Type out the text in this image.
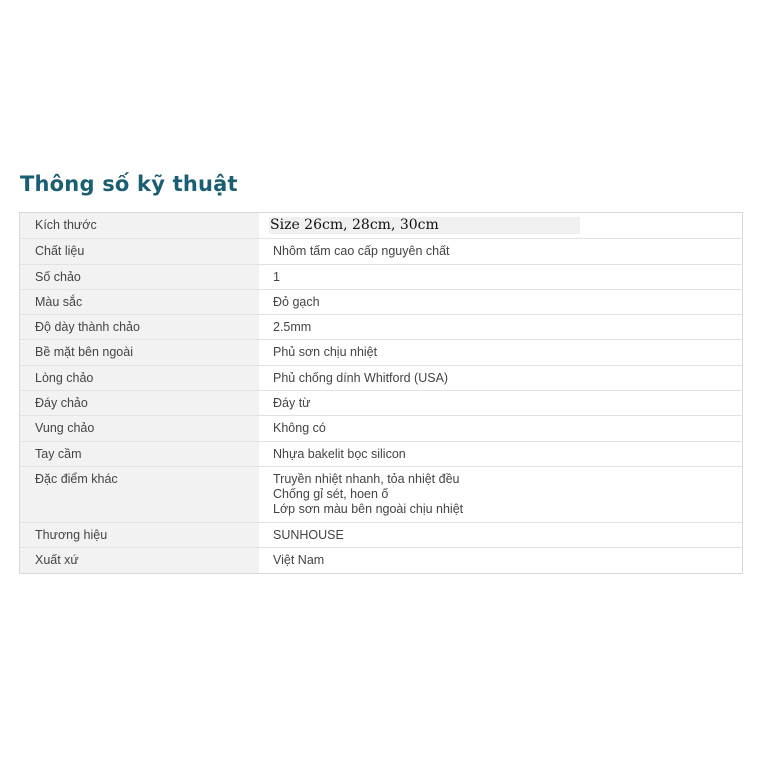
Thông số kỹ thuật
Kích thước	Size 26cm, 28cm, 30cm
Chất liệu	Nhôm tấm cao cấp nguyên chất
Số chảo	1
Màu sắc	Đỏ gạch
Độ dày thành chảo	2.5mm
Bề mặt bên ngoài	Phủ sơn chịu nhiệt
Lòng chảo	Phủ chống dính Whitford (USA)
Đáy chảo	Đáy từ
Vung chảo	Không có
Tay cầm	Nhựa bakelit bọc silicon
Đặc điểm khác	Truyền nhiệt nhanh, tỏa nhiệt đều
Chống gỉ sét, hoen ố
Lớp sơn màu bên ngoài chịu nhiệt
Thương hiệu	SUNHOUSE
Xuất xứ	Việt Nam
